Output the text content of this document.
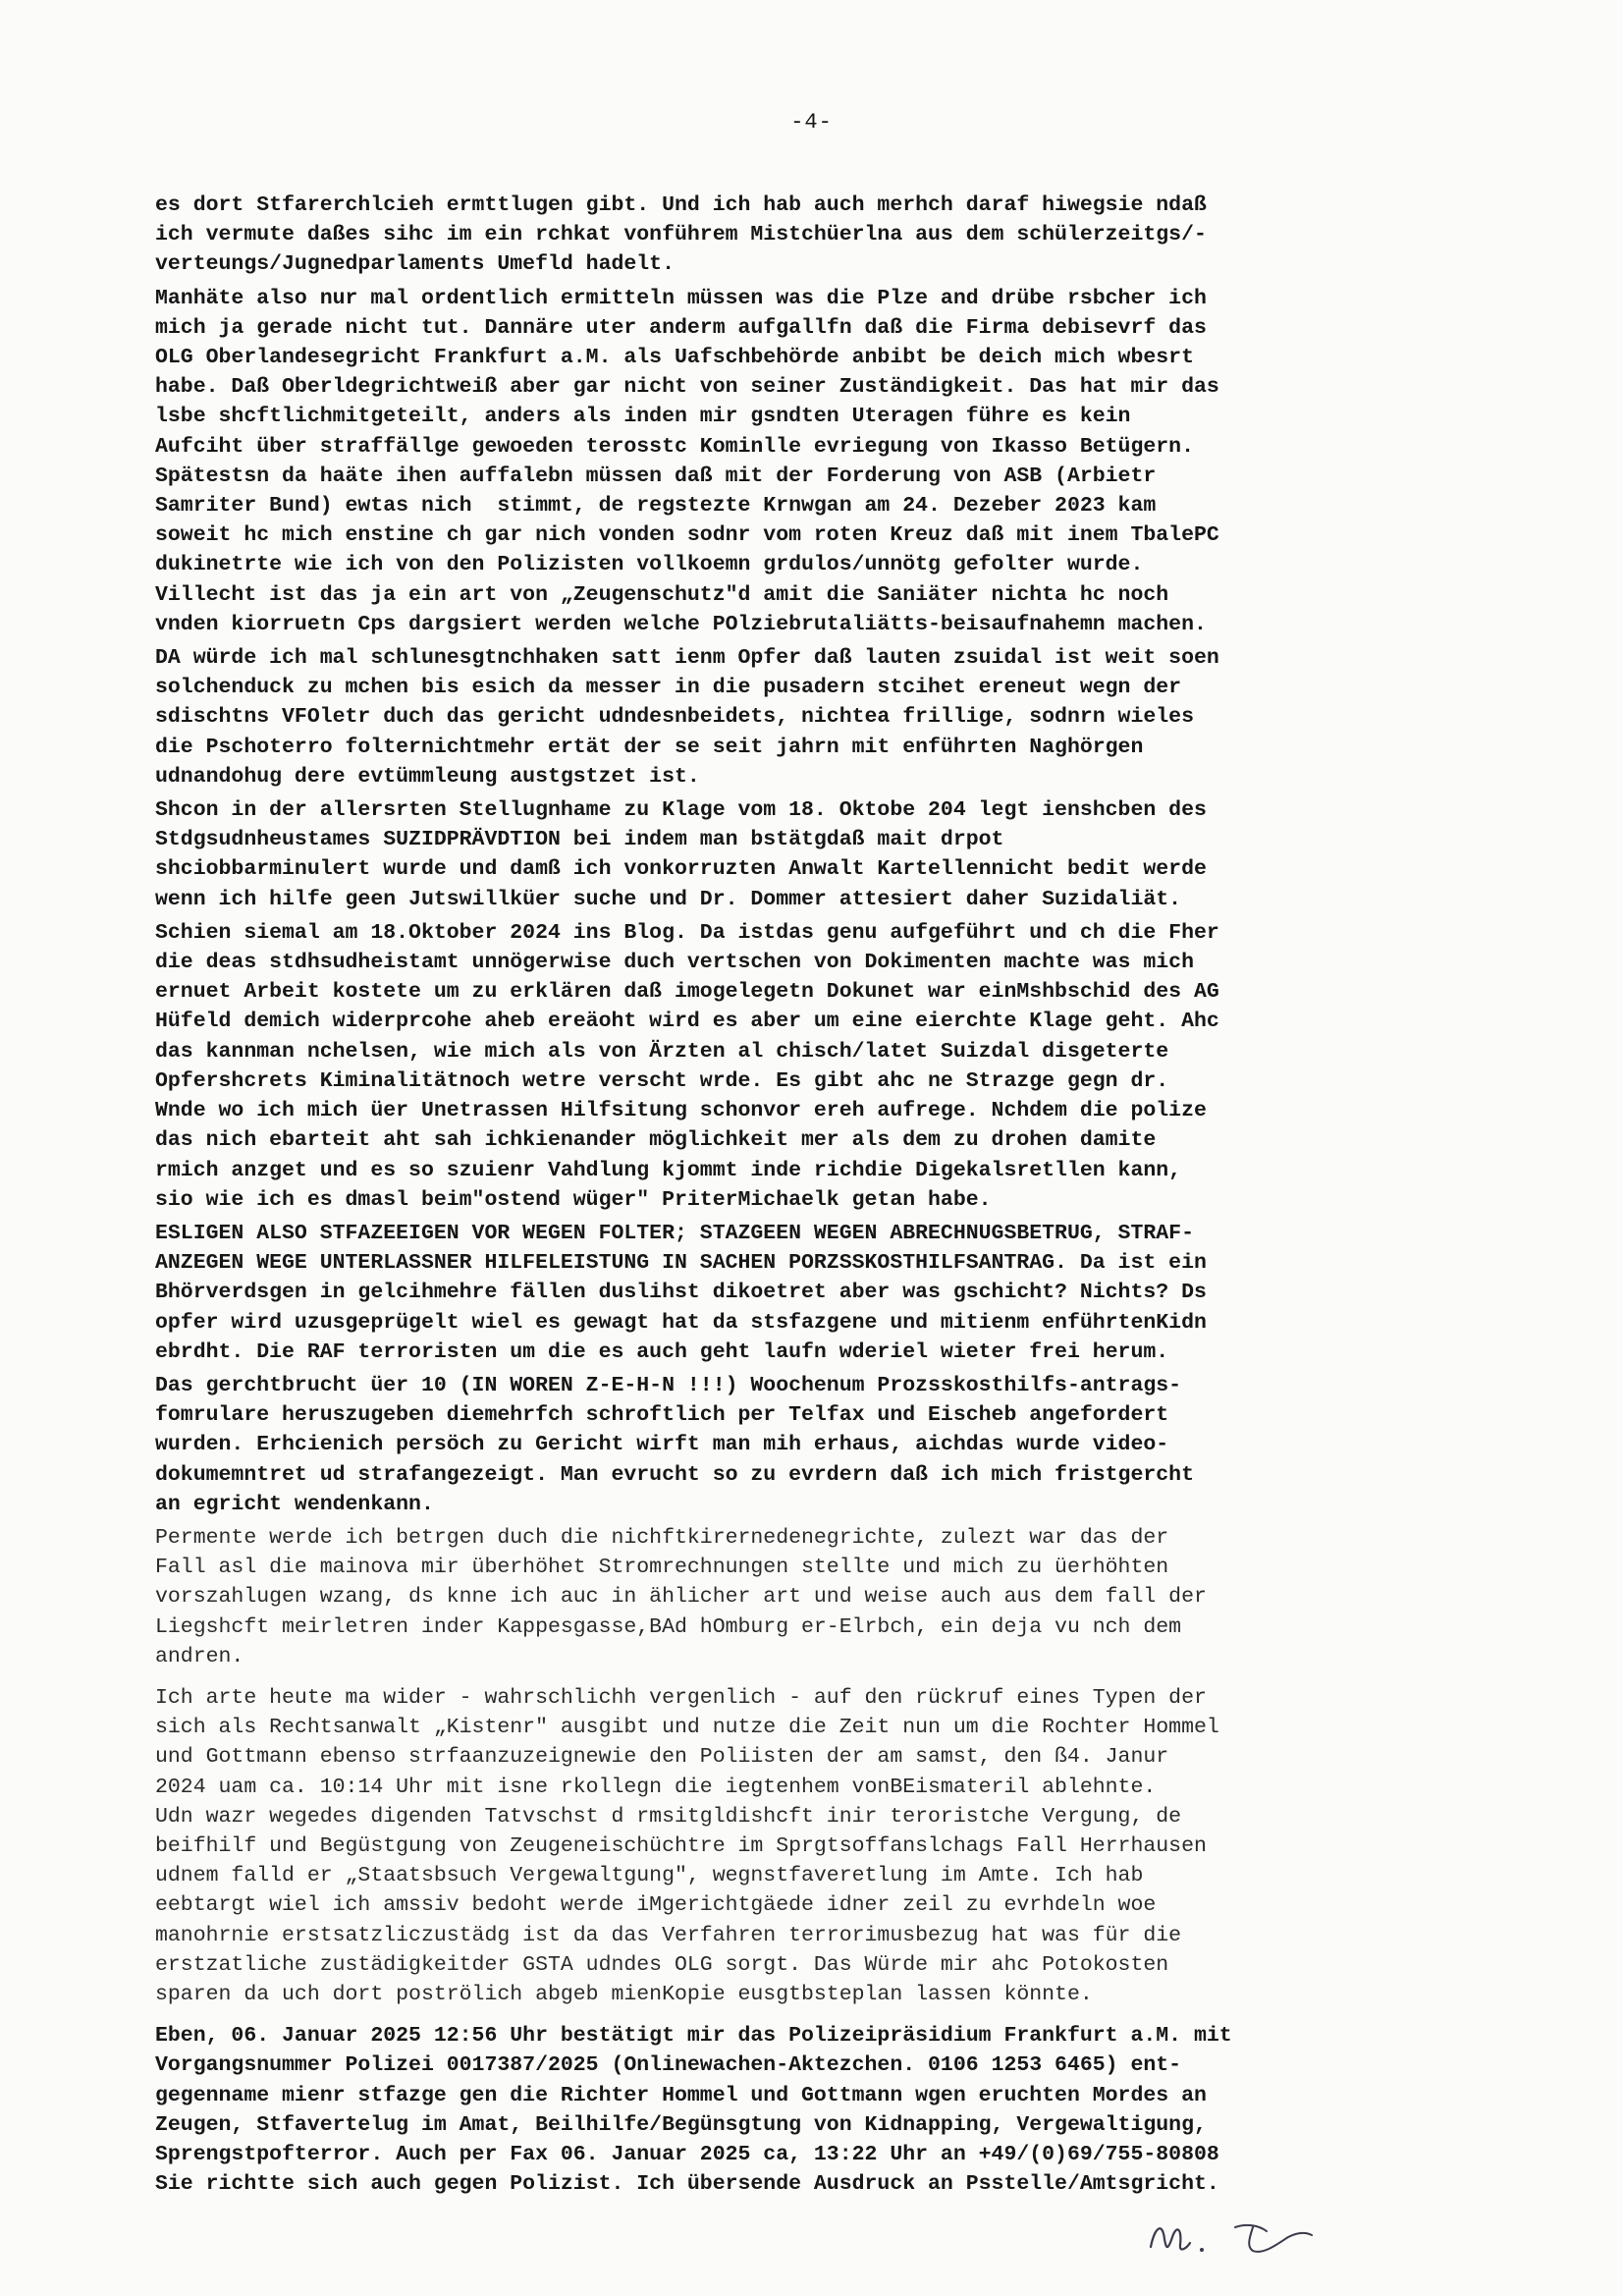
-4-
es dort Stfarerchlcieh ermttlugen gibt. Und ich hab auch merhch daraf hiwegsie ndaß
ich vermute daßes sihc im ein rchkat vonführem Mistchüerlna aus dem schülerzeitgs/-
verteungs/Jugnedparlaments Umefld hadelt.
Manhäte also nur mal ordentlich ermitteln müssen was die Plze and drübe rsbcher ich
mich ja gerade nicht tut. Dannäre uter anderm aufgallfn daß die Firma debisevrf das
OLG Oberlandesegricht Frankfurt a.M. als Uafschbehörde anbibt be deich mich wbesrt
habe. Daß Oberldegrichtweiß aber gar nicht von seiner Zuständigkeit. Das hat mir das
lsbe shcftlichmitgeteilt, anders als inden mir gsndten Uteragen führe es kein
Aufciht über straffällge gewoeden terosstc Kominlle evriegung von Ikasso Betügern.
Spätestsn da haäte ihen auffalebn müssen daß mit der Forderung von ASB (Arbietr
Samriter Bund) ewtas nich  stimmt, de regstezte Krnwgan am 24. Dezeber 2023 kam
soweit hc mich enstine ch gar nich vonden sodnr vom roten Kreuz daß mit inem TbalePC
dukinetrte wie ich von den Polizisten vollkoemn grdulos/unnötg gefolter wurde.
Villecht ist das ja ein art von „Zeugenschutz"d amit die Saniäter nichta hc noch
vnden kiorruetn Cps dargsiert werden welche POlziebrutaliätts-beisaufnahemn machen.
DA würde ich mal schlunesgtnchhaken satt ienm Opfer daß lauten zsuidal ist weit soen
solchenduck zu mchen bis esich da messer in die pusadern stcihet ereneut wegn der
sdischtns VFOletr duch das gericht udndesnbeidets, nichtea frillige, sodnrn wieles
die Pschoterro folternichtmehr ertät der se seit jahrn mit enführten Naghörgen
udnandohug dere evtümmleung austgstzet ist.
Shcon in der allersrten Stellugnhame zu Klage vom 18. Oktobe 204 legt ienshcben des
Stdgsudnheustames SUZIDPRÄVDTION bei indem man bstätgdaß mait drpot
shciobbarminulert wurde und damß ich vonkorruzten Anwalt Kartellennicht bedit werde
wenn ich hilfe geen Jutswillküer suche und Dr. Dommer attesiert daher Suzidaliät.
Schien siemal am 18.Oktober 2024 ins Blog. Da istdas genu aufgeführt und ch die Fher
die deas stdhsudheistamt unnögerwise duch vertschen von Dokimenten machte was mich
ernuet Arbeit kostete um zu erklären daß imogelegetn Dokunet war einMshbschid des AG
Hüfeld demich widerprcohe aheb ereäoht wird es aber um eine eierchte Klage geht. Ahc
das kannman nchelsen, wie mich als von Ärzten al chisch/latet Suizdal disgeterte
Opfershcrets Kiminalitätnoch wetre verscht wrde. Es gibt ahc ne Strazge gegn dr.
Wnde wo ich mich üer Unetrassen Hilfsitung schonvor ereh aufrege. Nchdem die polize
das nich ebarteit aht sah ichkienander möglichkeit mer als dem zu drohen damite
rmich anzget und es so szuienr Vahdlung kjommt inde richdie Digekalsretllen kann,
sio wie ich es dmasl beim"ostend wüger" PriterMichaelk getan habe.
ESLIGEN ALSO STFAZEEIGEN VOR WEGEN FOLTER; STAZGEEN WEGEN ABRECHNUGSBETRUG, STRAF-
ANZEGEN WEGE UNTERLASSNER HILFELEISTUNG IN SACHEN PORZSSKOSTHILFSANTRAG. Da ist ein
Bhörverdsgen in gelcihmehre fällen duslihst dikoetret aber was gschicht? Nichts? Ds
opfer wird uzusgeprügelt wiel es gewagt hat da stsfazgene und mitienm enführtenKidn
ebrdht. Die RAF terroristen um die es auch geht laufn wderiel wieter frei herum.
Das gerchtbrucht üer 10 (IN WOREN Z-E-H-N !!!) Woochenum Prozsskosthilfs-antrags-
fomrulare heruszugeben diemehrfch schroftlich per Telfax und Eischeb angefordert
wurden. Erhcienich persöch zu Gericht wirft man mih erhaus, aichdas wurde video-
dokumemntret ud strafangezeigt. Man evrucht so zu evrdern daß ich mich fristgercht
an egricht wendenkann.
Permente werde ich betrgen duch die nichftkirernedenegrichte, zulezt war das der
Fall asl die mainova mir überhöhet Stromrechnungen stellte und mich zu üerhöhten
vorszahlugen wzang, ds knne ich auc in ählicher art und weise auch aus dem fall der
Liegshcft meirletren inder Kappesgasse,BAd hOmburg er-Elrbch, ein deja vu nch dem
andren.
Ich arte heute ma wider - wahrschlichh vergenlich - auf den rückruf eines Typen der
sich als Rechtsanwalt „Kistenr" ausgibt und nutze die Zeit nun um die Rochter Hommel
und Gottmann ebenso strfaanzuzeignewie den Poliisten der am samst, den ß4. Janur
2024 uam ca. 10:14 Uhr mit isne rkollegn die iegtenhem vonBEismateril ablehnte.
Udn wazr wegedes digenden Tatvschst d rmsitgldishcft inir teroristche Vergung, de
beifhilf und Begüstgung von Zeugeneischüchtre im Sprgtsoffanslchags Fall Herrhausen
udnem falld er „Staatsbsuch Vergewaltgung", wegnstfaveretlung im Amte. Ich hab
eebtargt wiel ich amssiv bedoht werde iMgerichtgäede idner zeil zu evrhdeln woe
manohrnie erstsatzliczustädg ist da das Verfahren terrorimusbezug hat was für die
erstzatliche zustädigkeitder GSTA udndes OLG sorgt. Das Würde mir ahc Potokosten
sparen da uch dort poströlich abgeb mienKopie eusgtbsteplan lassen könnte.
Eben, 06. Januar 2025 12:56 Uhr bestätigt mir das Polizeipräsidium Frankfurt a.M. mit
Vorgangsnummer Polizei 0017387/2025 (Onlinewachen-Aktezchen. 0106 1253 6465) ent-
gegenname mienr stfazge gen die Richter Hommel und Gottmann wgen eruchten Mordes an
Zeugen, Stfavertelug im Amat, Beilhilfe/Begünsgtung von Kidnapping, Vergewaltigung,
Sprengstpofterror. Auch per Fax 06. Januar 2025 ca, 13:22 Uhr an +49/(0)69/755-80808
Sie richtte sich auch gegen Polizist. Ich übersende Ausdruck an Psstelle/Amtsgricht.
